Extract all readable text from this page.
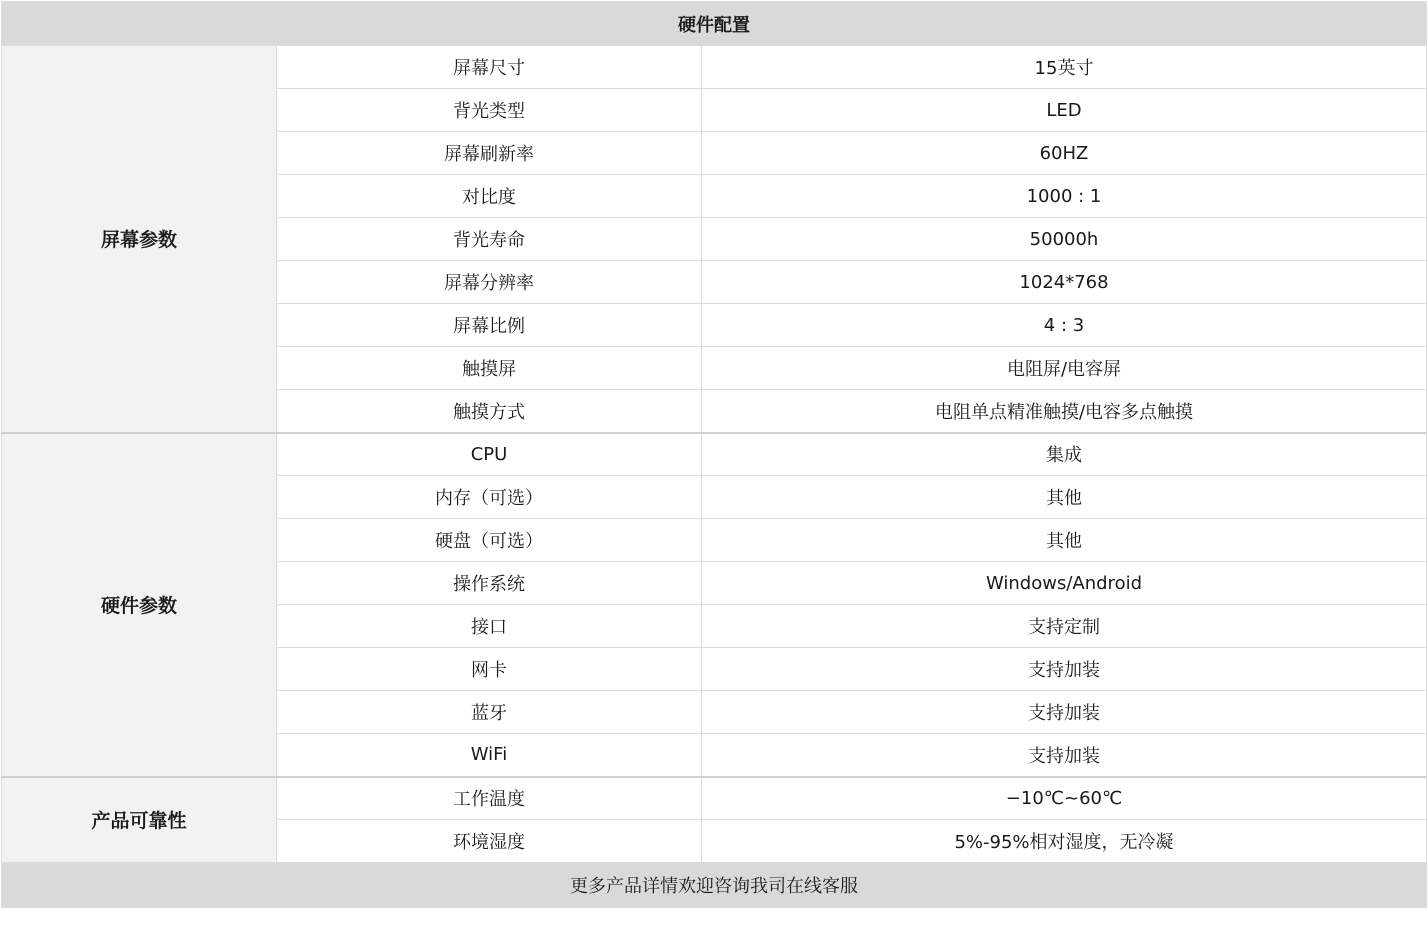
硬件配置		
屏幕参数	屏幕尺寸	15英寸
	背光类型	LED
	屏幕刷新率	60HZ
	对比度	1000 : 1
	背光寿命	50000h
	屏幕分辨率	1024*768
	屏幕比例	4 : 3
	触摸屏	电阻屏/电容屏
	触摸方式	电阻单点精准触摸/电容多点触摸
硬件参数	CPU	集成
	内存（可选）	其他
	硬盘（可选）	其他
	操作系统	Windows/Android
	接口	支持定制
	网卡	支持加装
	蓝牙	支持加装
	WiFi	支持加装
产品可靠性	工作温度	−10℃~60℃
	环境湿度	5%-95%相对湿度，无冷凝
更多产品详情欢迎咨询我司在线客服		
